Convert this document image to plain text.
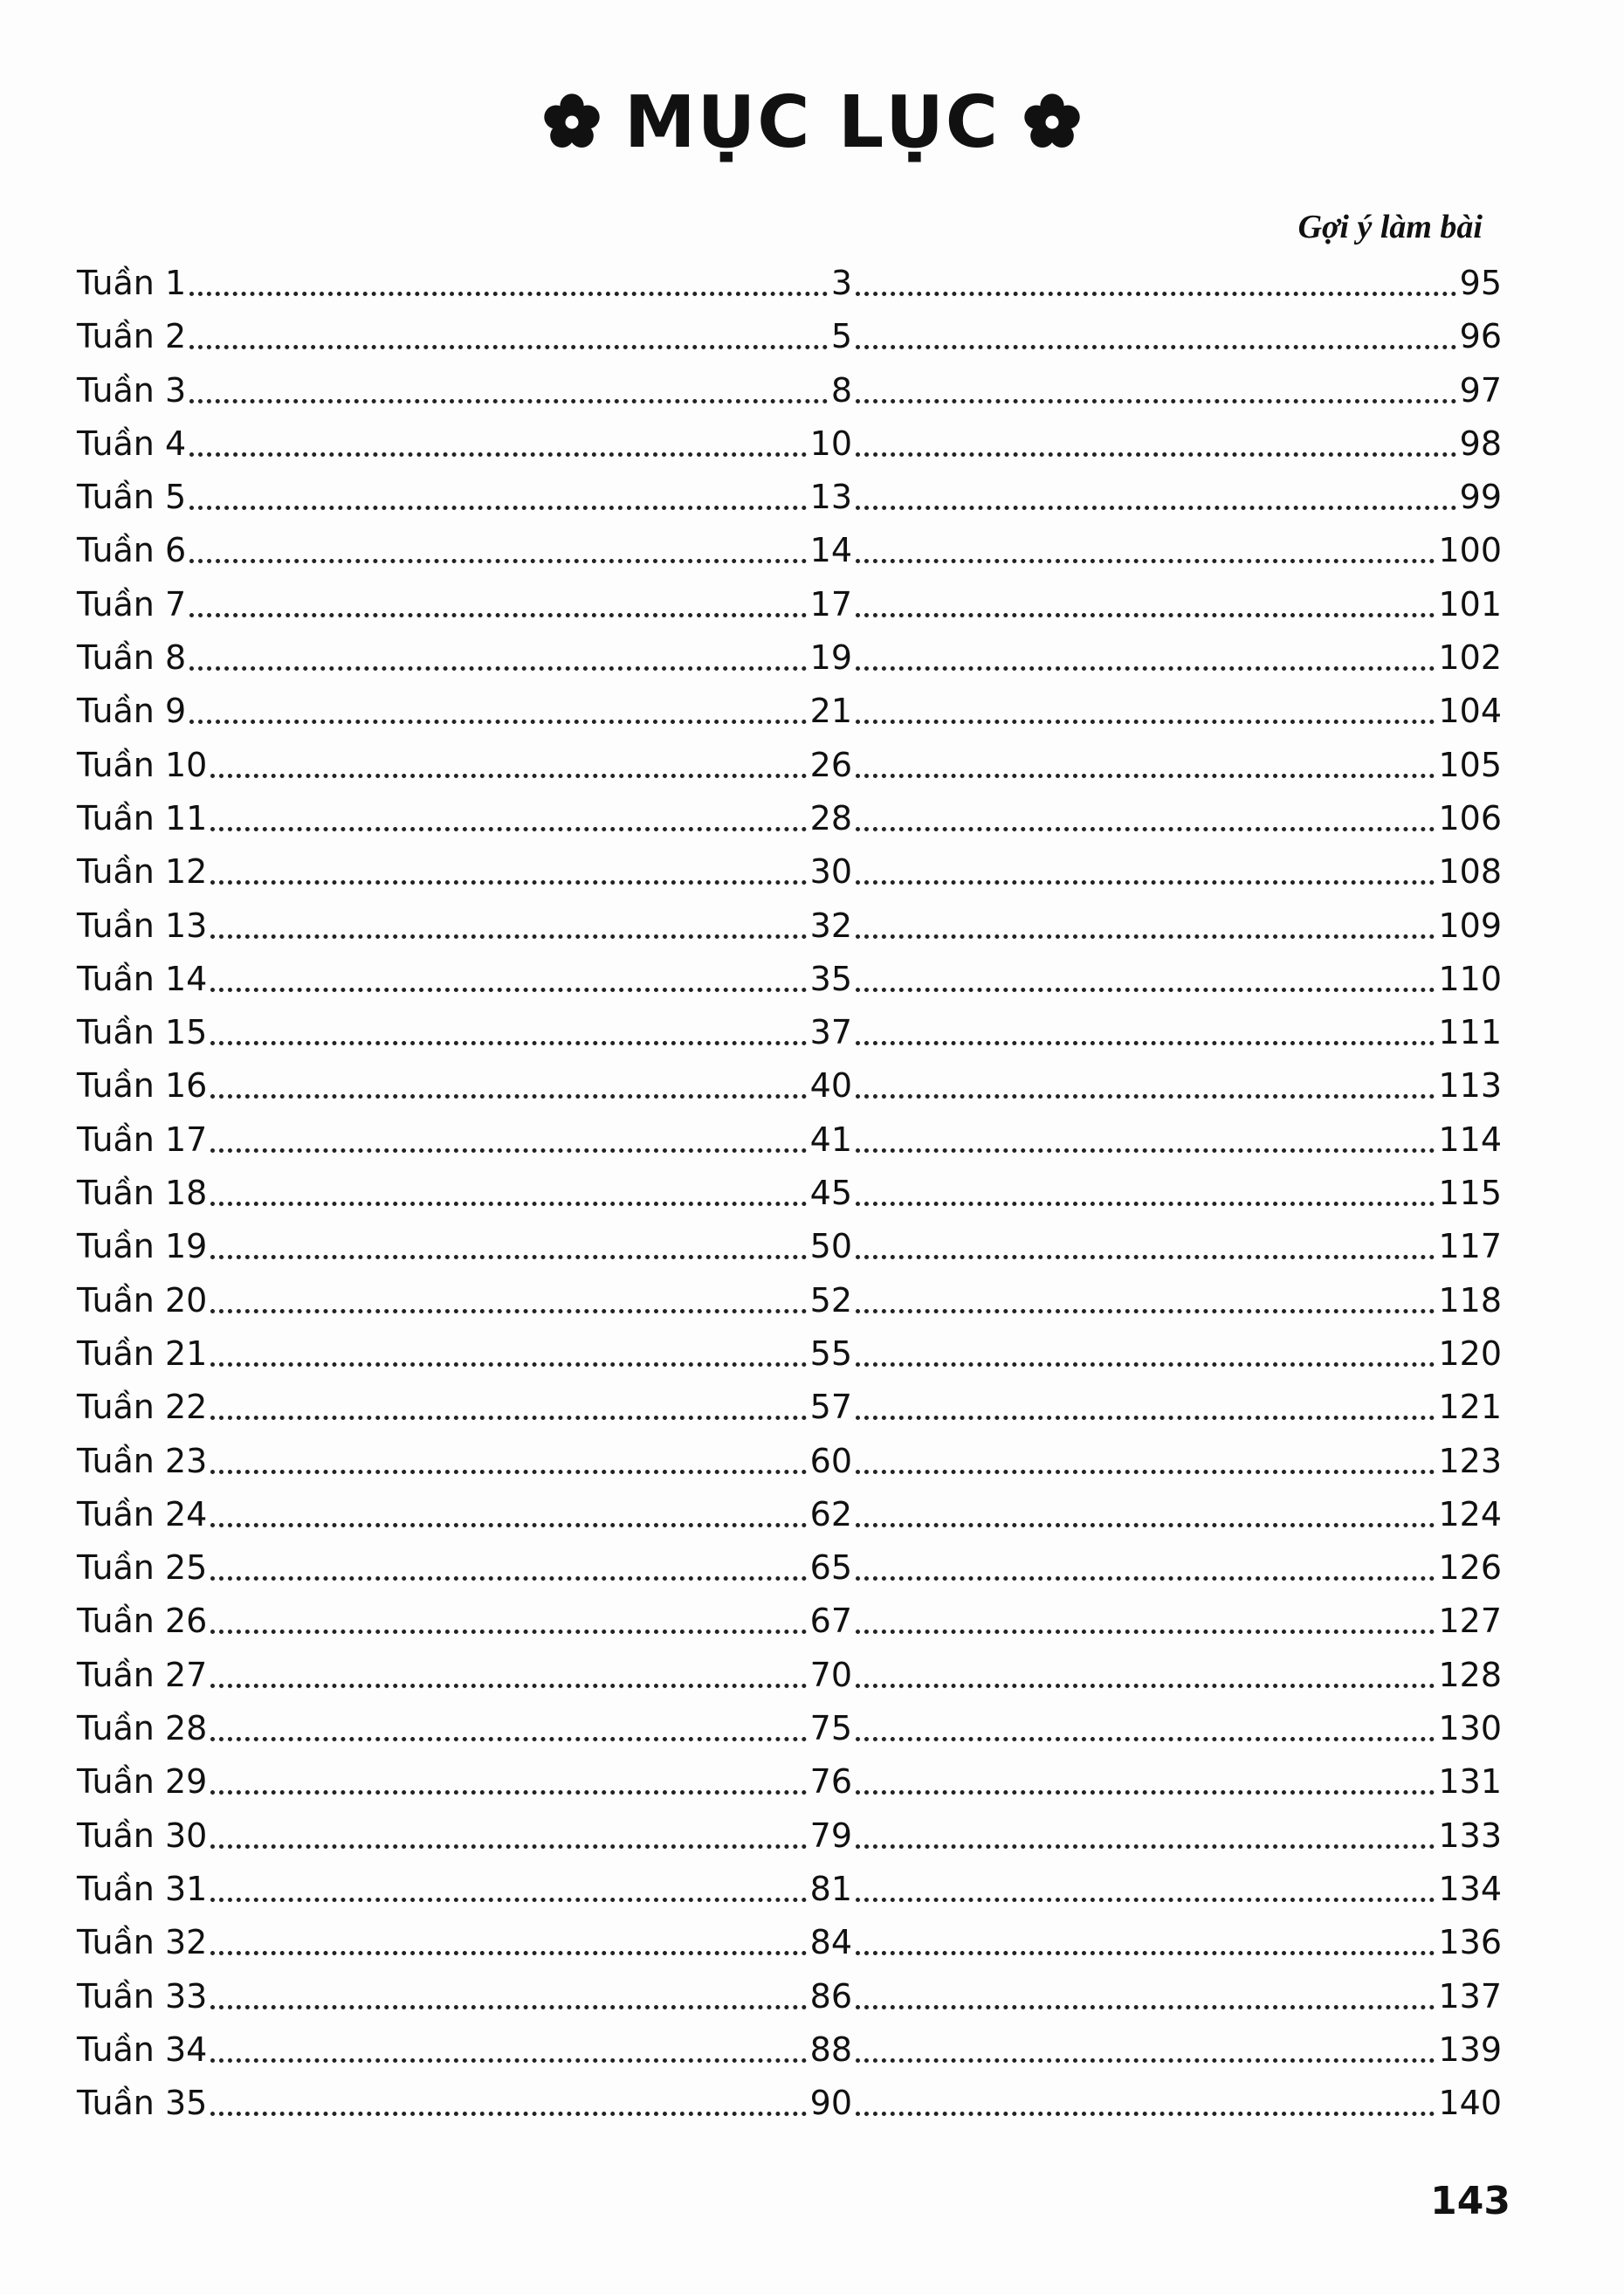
MỤC LỤC
Gợi ý làm bài
Tuần 1	3	95
Tuần 2	5	96
Tuần 3	8	97
Tuần 4	10	98
Tuần 5	13	99
Tuần 6	14	100
Tuần 7	17	101
Tuần 8	19	102
Tuần 9	21	104
Tuần 10	26	105
Tuần 11	28	106
Tuần 12	30	108
Tuần 13	32	109
Tuần 14	35	110
Tuần 15	37	111
Tuần 16	40	113
Tuần 17	41	114
Tuần 18	45	115
Tuần 19	50	117
Tuần 20	52	118
Tuần 21	55	120
Tuần 22	57	121
Tuần 23	60	123
Tuần 24	62	124
Tuần 25	65	126
Tuần 26	67	127
Tuần 27	70	128
Tuần 28	75	130
Tuần 29	76	131
Tuần 30	79	133
Tuần 31	81	134
Tuần 32	84	136
Tuần 33	86	137
Tuần 34	88	139
Tuần 35	90	140
143
